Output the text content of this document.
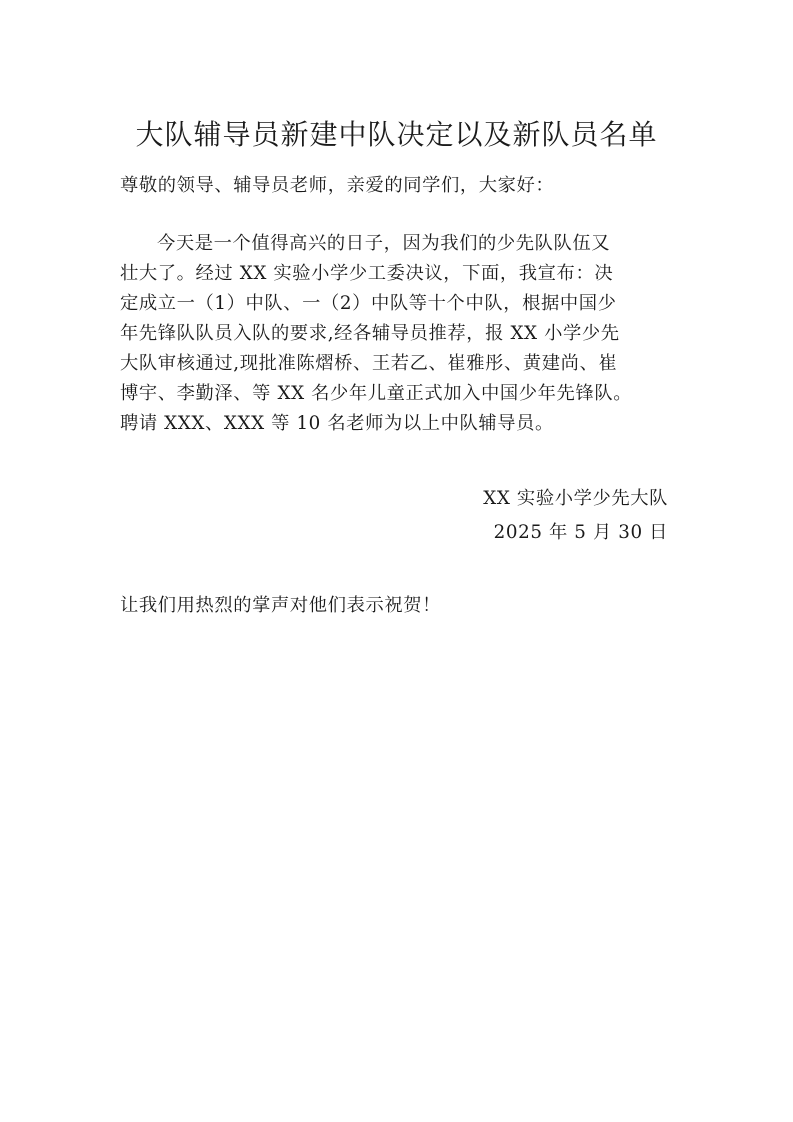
大队辅导员新建中队决定以及新队员名单
尊敬的领导、辅导员老师，亲爱的同学们，大家好：
今天是一个值得高兴的日子，因为我们的少先队队伍又
壮大了。经过 XX 实验小学少工委决议，下面，我宣布：决
定成立一（1）中队、一（2）中队等十个中队，根据中国少
年先锋队队员入队的要求,经各辅导员推荐，报 XX 小学少先
大队审核通过,现批准陈熠桥、王若乙、崔雅彤、黄建尚、崔
博宇、李勤泽、等 XX 名少年儿童正式加入中国少年先锋队。
聘请 XXX、XXX 等 10 名老师为以上中队辅导员。
XX 实验小学少先大队
2025 年 5 月 30 日
让我们用热烈的掌声对他们表示祝贺！
